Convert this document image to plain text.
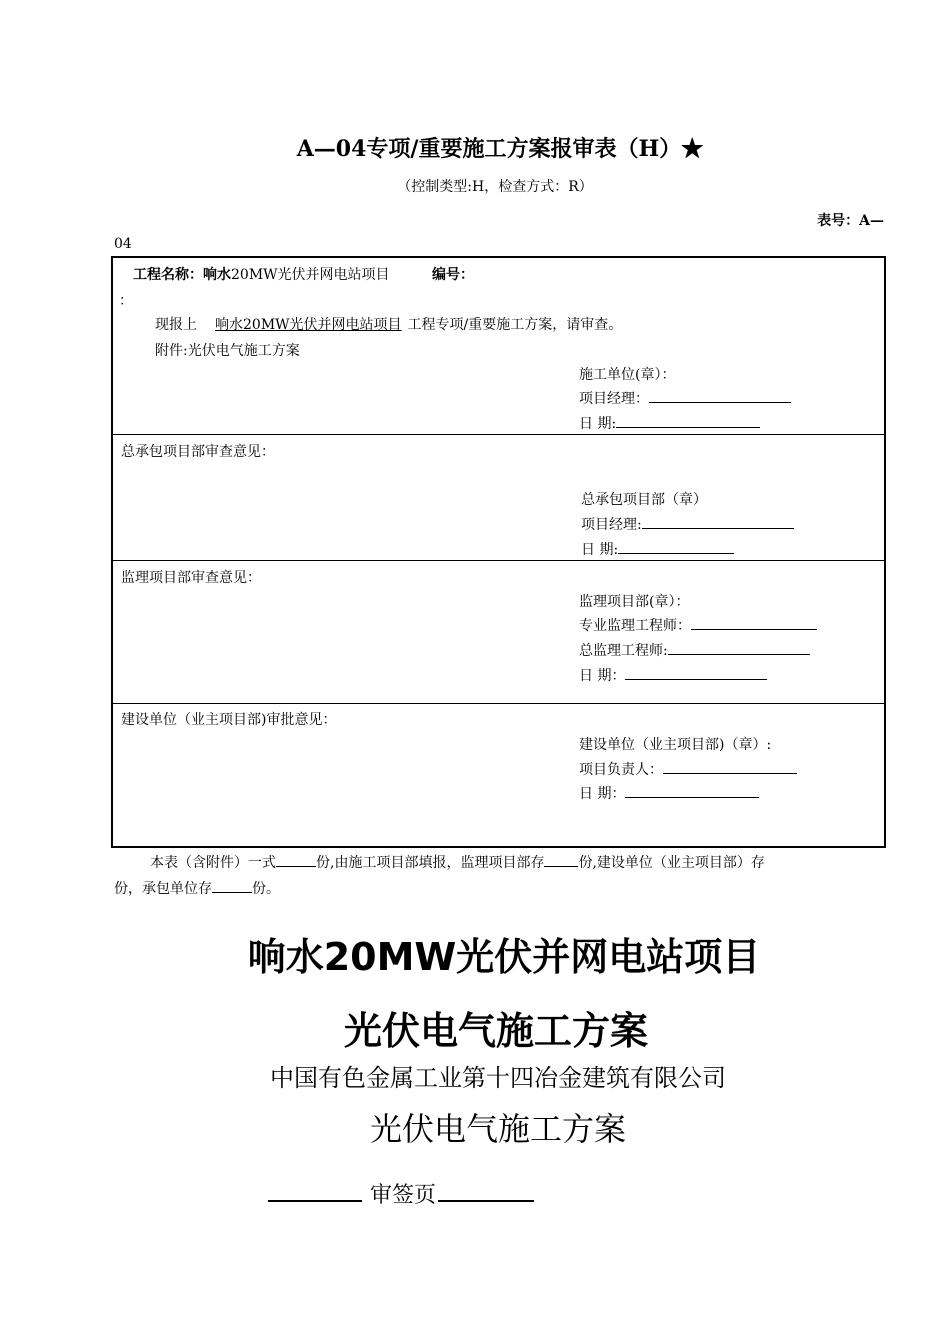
A—04专项/重要施工方案报审表（H）★
（控制类型:H，检查方式：R）
表号：A—
04
工程名称：响水20MW光伏并网电站项目	编号：
：
现报上 响水20MW光伏并网电站项目 工程专项/重要施工方案，请审查。
附件:光伏电气施工方案
施工单位(章）：
项目经理：
日 期:
总承包项目部审查意见：
总承包项目部（章）
项目经理:
日 期:
监理项目部审查意见：
监理项目部(章）：
专业监理工程师：
总监理工程师:
日 期：
建设单位（业主项目部)审批意见：
建设单位（业主项目部)（章）:
项目负责人：
日 期：
本表（含附件）一式	份,由施工项目部填报，监理项目部存 份,建设单位（业主项目部）存
份，承包单位存	份。
响水20MW光伏并网电站项目
光伏电气施工方案
中国有色金属工业第十四冶金建筑有限公司
光伏电气施工方案
审签页
